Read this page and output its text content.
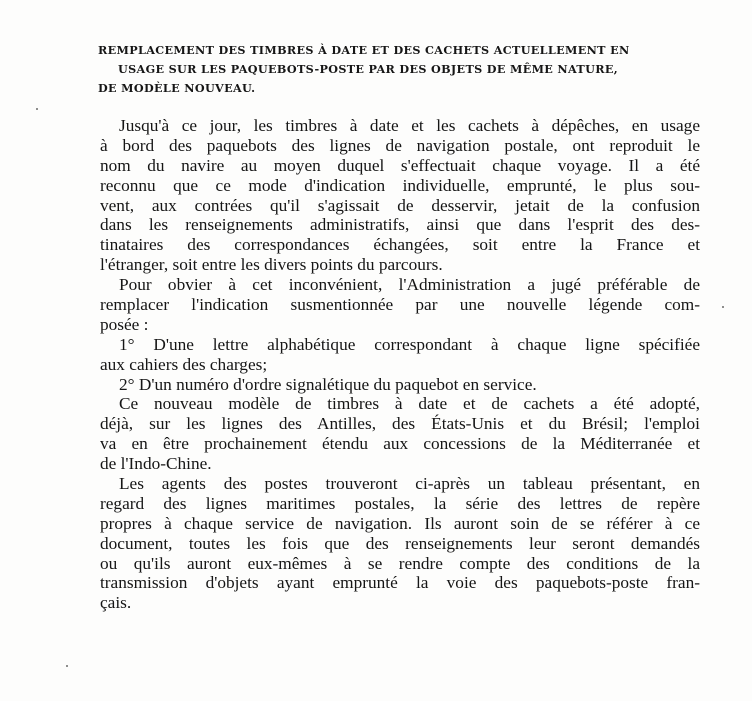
REMPLACEMENT DES TIMBRES À DATE ET DES CACHETS ACTUELLEMENT EN
USAGE SUR LES PAQUEBOTS-POSTE PAR DES OBJETS DE MÊME NATURE,
DE MODÈLE NOUVEAU.
Jusqu'à ce jour, les timbres à date et les cachets à dépêches, en usage
à bord des paquebots des lignes de navigation postale, ont reproduit le
nom du navire au moyen duquel s'effectuait chaque voyage. Il a été
reconnu que ce mode d'indication individuelle, emprunté, le plus sou-
vent, aux contrées qu'il s'agissait de desservir, jetait de la confusion
dans les renseignements administratifs, ainsi que dans l'esprit des des-
tinataires des correspondances échangées, soit entre la France et
l'étranger, soit entre les divers points du parcours.
Pour obvier à cet inconvénient, l'Administration a jugé préférable de
remplacer l'indication susmentionnée par une nouvelle légende com-
posée :
1° D'une lettre alphabétique correspondant à chaque ligne spécifiée
aux cahiers des charges;
2° D'un numéro d'ordre signalétique du paquebot en service.
Ce nouveau modèle de timbres à date et de cachets a été adopté,
déjà, sur les lignes des Antilles, des États-Unis et du Brésil; l'emploi
va en être prochainement étendu aux concessions de la Méditerranée et
de l'Indo-Chine.
Les agents des postes trouveront ci-après un tableau présentant, en
regard des lignes maritimes postales, la série des lettres de repère
propres à chaque service de navigation. Ils auront soin de se référer à ce
document, toutes les fois que des renseignements leur seront demandés
ou qu'ils auront eux-mêmes à se rendre compte des conditions de la
transmission d'objets ayant emprunté la voie des paquebots-poste fran-
çais.
